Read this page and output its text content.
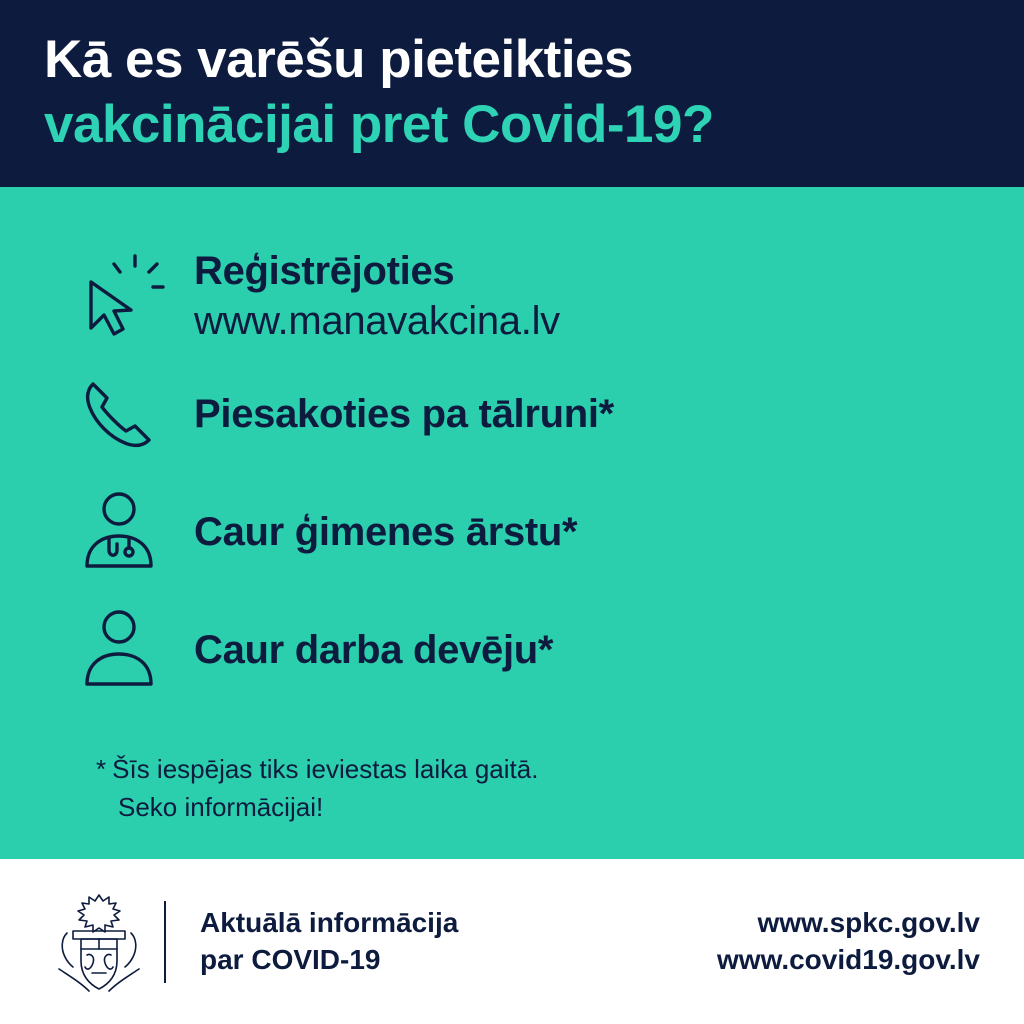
Kā es varēšu pieteikties
vakcinācijai pret Covid-19?
Reģistrējoties
www.manavakcina.lv
Piesakoties pa tālruni*
Caur ģimenes ārstu*
Caur darba devēju*
* Šīs iespējas tiks ieviestas laika gaitā.
Seko informācijai!
Aktuālā informācija
par COVID-19
www.spkc.gov.lv
www.covid19.gov.lv
